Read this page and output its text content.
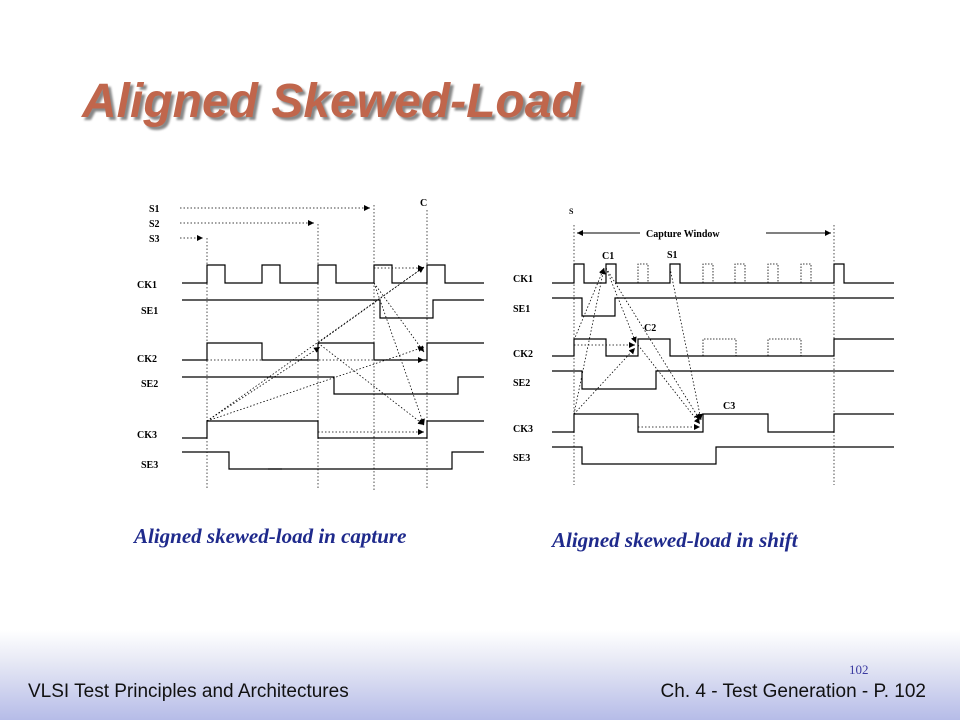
Aligned Skewed-Load
S1
S2
S3
C
CK1
SE1
CK2
SE2
CK3
SE3
S
Capture Window
C1	S1
C2
C3
CK1
SE1
CK2
SE2
CK3
SE3

Aligned skewed-load in capture	Aligned skewed-load in shift

102
VLSI Test Principles and Architectures	Ch. 4 - Test Generation - P. 102
